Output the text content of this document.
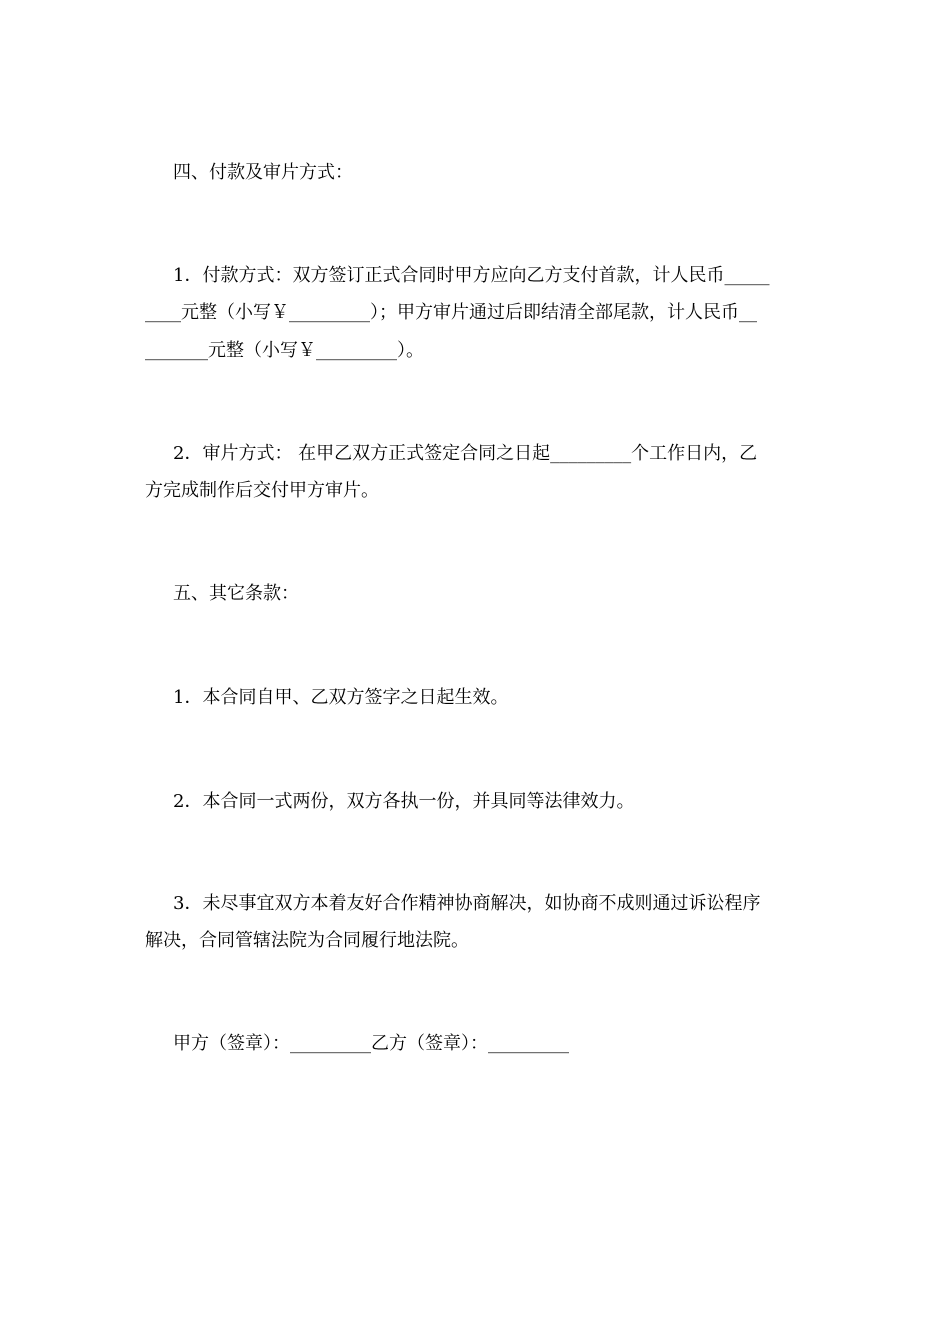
四、付款及审片方式：
1．付款方式：双方签订正式合同时甲方应向乙方支付首款，计人民币_____
____元整（小写￥_________）；甲方审片通过后即结清全部尾款，计人民币__
_______元整（小写￥_________）。
2．审片方式： 在甲乙双方正式签定合同之日起_________个工作日内，乙
方完成制作后交付甲方审片。
五、其它条款：
1．本合同自甲、乙双方签字之日起生效。
2．本合同一式两份，双方各执一份，并具同等法律效力。
3．未尽事宜双方本着友好合作精神协商解决，如协商不成则通过诉讼程序
解决，合同管辖法院为合同履行地法院。
甲方（签章）：_________乙方（签章）：_________
